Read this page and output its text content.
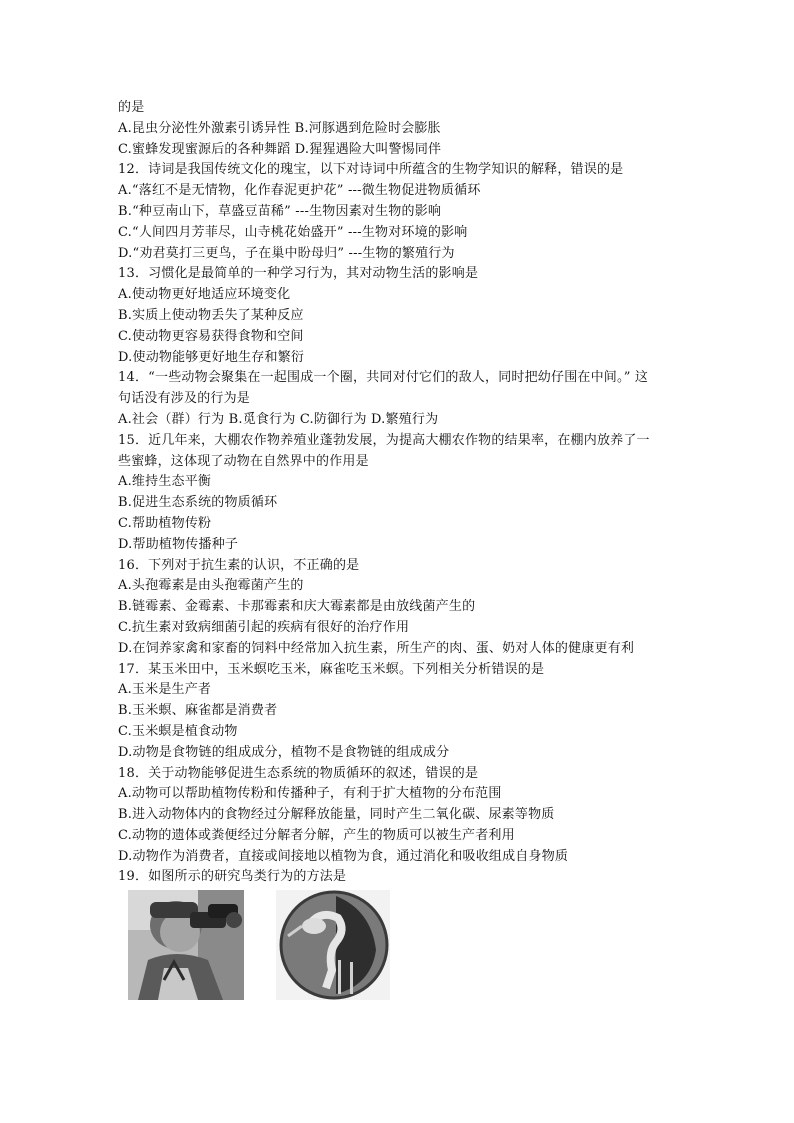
的是
A.昆虫分泌性外激素引诱异性 B.河豚遇到危险时会膨胀
C.蜜蜂发现蜜源后的各种舞蹈 D.猩猩遇险大叫警惕同伴
12．诗词是我国传统文化的瑰宝，以下对诗词中所蕴含的生物学知识的解释，错误的是
A.“落红不是无情物，化作春泥更护花” ---微生物促进物质循环
B.“种豆南山下，草盛豆苗稀” ---生物因素对生物的影响
C.“人间四月芳菲尽，山寺桃花始盛开” ---生物对环境的影响
D.“劝君莫打三更鸟，子在巢中盼母归” ---生物的繁殖行为
13．习惯化是最简单的一种学习行为，其对动物生活的影响是
A.使动物更好地适应环境变化
B.实质上使动物丢失了某种反应
C.使动物更容易获得食物和空间
D.使动物能够更好地生存和繁衍
14．“一些动物会聚集在一起围成一个圈，共同对付它们的敌人，同时把幼仔围在中间。” 这
句话没有涉及的行为是
A.社会（群）行为 B.觅食行为 C.防御行为 D.繁殖行为
15．近几年来，大棚农作物养殖业蓬勃发展，为提高大棚农作物的结果率，在棚内放养了一
些蜜蜂，这体现了动物在自然界中的作用是
A.维持生态平衡
B.促进生态系统的物质循环
C.帮助植物传粉
D.帮助植物传播种子
16．下列对于抗生素的认识，不正确的是
A.头孢霉素是由头孢霉菌产生的
B.链霉素、金霉素、卡那霉素和庆大霉素都是由放线菌产生的
C.抗生素对致病细菌引起的疾病有很好的治疗作用
D.在饲养家禽和家畜的饲料中经常加入抗生素，所生产的肉、蛋、奶对人体的健康更有利
17．某玉米田中，玉米螟吃玉米，麻雀吃玉米螟。下列相关分析错误的是
A.玉米是生产者
B.玉米螟、麻雀都是消费者
C.玉米螟是植食动物
D.动物是食物链的组成成分，植物不是食物链的组成成分
18．关于动物能够促进生态系统的物质循环的叙述，错误的是
A.动物可以帮助植物传粉和传播种子，有利于扩大植物的分布范围
B.进入动物体内的食物经过分解释放能量，同时产生二氧化碳、尿素等物质
C.动物的遗体或粪便经过分解者分解，产生的物质可以被生产者利用
D.动物作为消费者，直接或间接地以植物为食，通过消化和吸收组成自身物质
19．如图所示的研究鸟类行为的方法是
